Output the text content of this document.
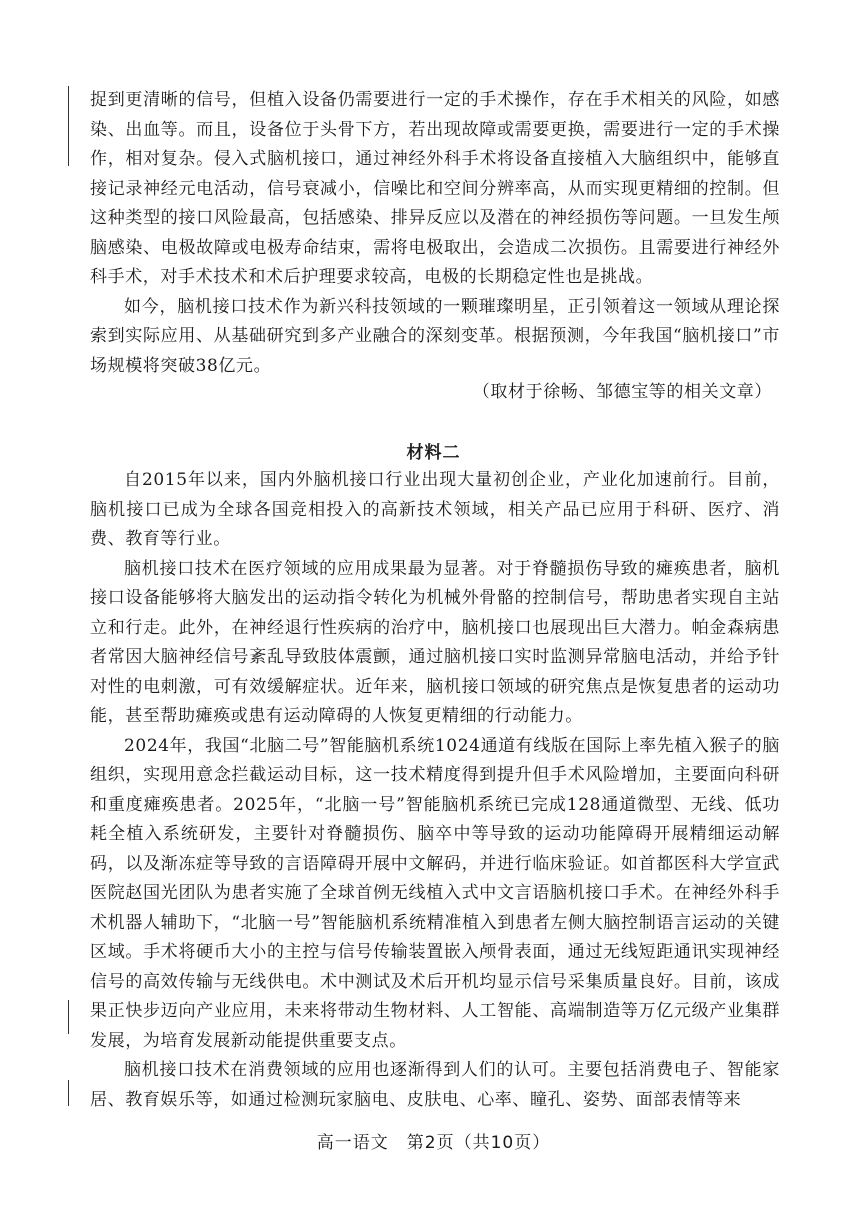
捉到更清晰的信号，但植入设备仍需要进行一定的手术操作，存在手术相关的风险，如感染、出血等。而且，设备位于头骨下方，若出现故障或需要更换，需要进行一定的手术操作，相对复杂。侵入式脑机接口，通过神经外科手术将设备直接植入大脑组织中，能够直接记录神经元电活动，信号衰减小，信噪比和空间分辨率高，从而实现更精细的控制。但这种类型的接口风险最高，包括感染、排异反应以及潜在的神经损伤等问题。一旦发生颅脑感染、电极故障或电极寿命结束，需将电极取出，会造成二次损伤。且需要进行神经外科手术，对手术技术和术后护理要求较高，电极的长期稳定性也是挑战。

如今，脑机接口技术作为新兴科技领域的一颗璀璨明星，正引领着这一领域从理论探索到实际应用、从基础研究到多产业融合的深刻变革。根据预测，今年我国“脑机接口”市场规模将突破38亿元。

（取材于徐畅、邹德宝等的相关文章）

材料二

自2015年以来，国内外脑机接口行业出现大量初创企业，产业化加速前行。目前，脑机接口已成为全球各国竞相投入的高新技术领域，相关产品已应用于科研、医疗、消费、教育等行业。

脑机接口技术在医疗领域的应用成果最为显著。对于脊髓损伤导致的瘫痪患者，脑机接口设备能够将大脑发出的运动指令转化为机械外骨骼的控制信号，帮助患者实现自主站立和行走。此外，在神经退行性疾病的治疗中，脑机接口也展现出巨大潜力。帕金森病患者常因大脑神经信号紊乱导致肢体震颤，通过脑机接口实时监测异常脑电活动，并给予针对性的电刺激，可有效缓解症状。近年来，脑机接口领域的研究焦点是恢复患者的运动功能，甚至帮助瘫痪或患有运动障碍的人恢复更精细的行动能力。

2024年，我国“北脑二号”智能脑机系统1024通道有线版在国际上率先植入猴子的脑组织，实现用意念拦截运动目标，这一技术精度得到提升但手术风险增加，主要面向科研和重度瘫痪患者。2025年，“北脑一号”智能脑机系统已完成128通道微型、无线、低功耗全植入系统研发，主要针对脊髓损伤、脑卒中等导致的运动功能障碍开展精细运动解码，以及渐冻症等导致的言语障碍开展中文解码，并进行临床验证。如首都医科大学宣武医院赵国光团队为患者实施了全球首例无线植入式中文言语脑机接口手术。在神经外科手术机器人辅助下，“北脑一号”智能脑机系统精准植入到患者左侧大脑控制语言运动的关键区域。手术将硬币大小的主控与信号传输装置嵌入颅骨表面，通过无线短距通讯实现神经信号的高效传输与无线供电。术中测试及术后开机均显示信号采集质量良好。目前，该成果正快步迈向产业应用，未来将带动生物材料、人工智能、高端制造等万亿元级产业集群发展，为培育发展新动能提供重要支点。

脑机接口技术在消费领域的应用也逐渐得到人们的认可。主要包括消费电子、智能家居、教育娱乐等，如通过检测玩家脑电、皮肤电、心率、瞳孔、姿势、面部表情等来

高一语文　第2页（共10页）
